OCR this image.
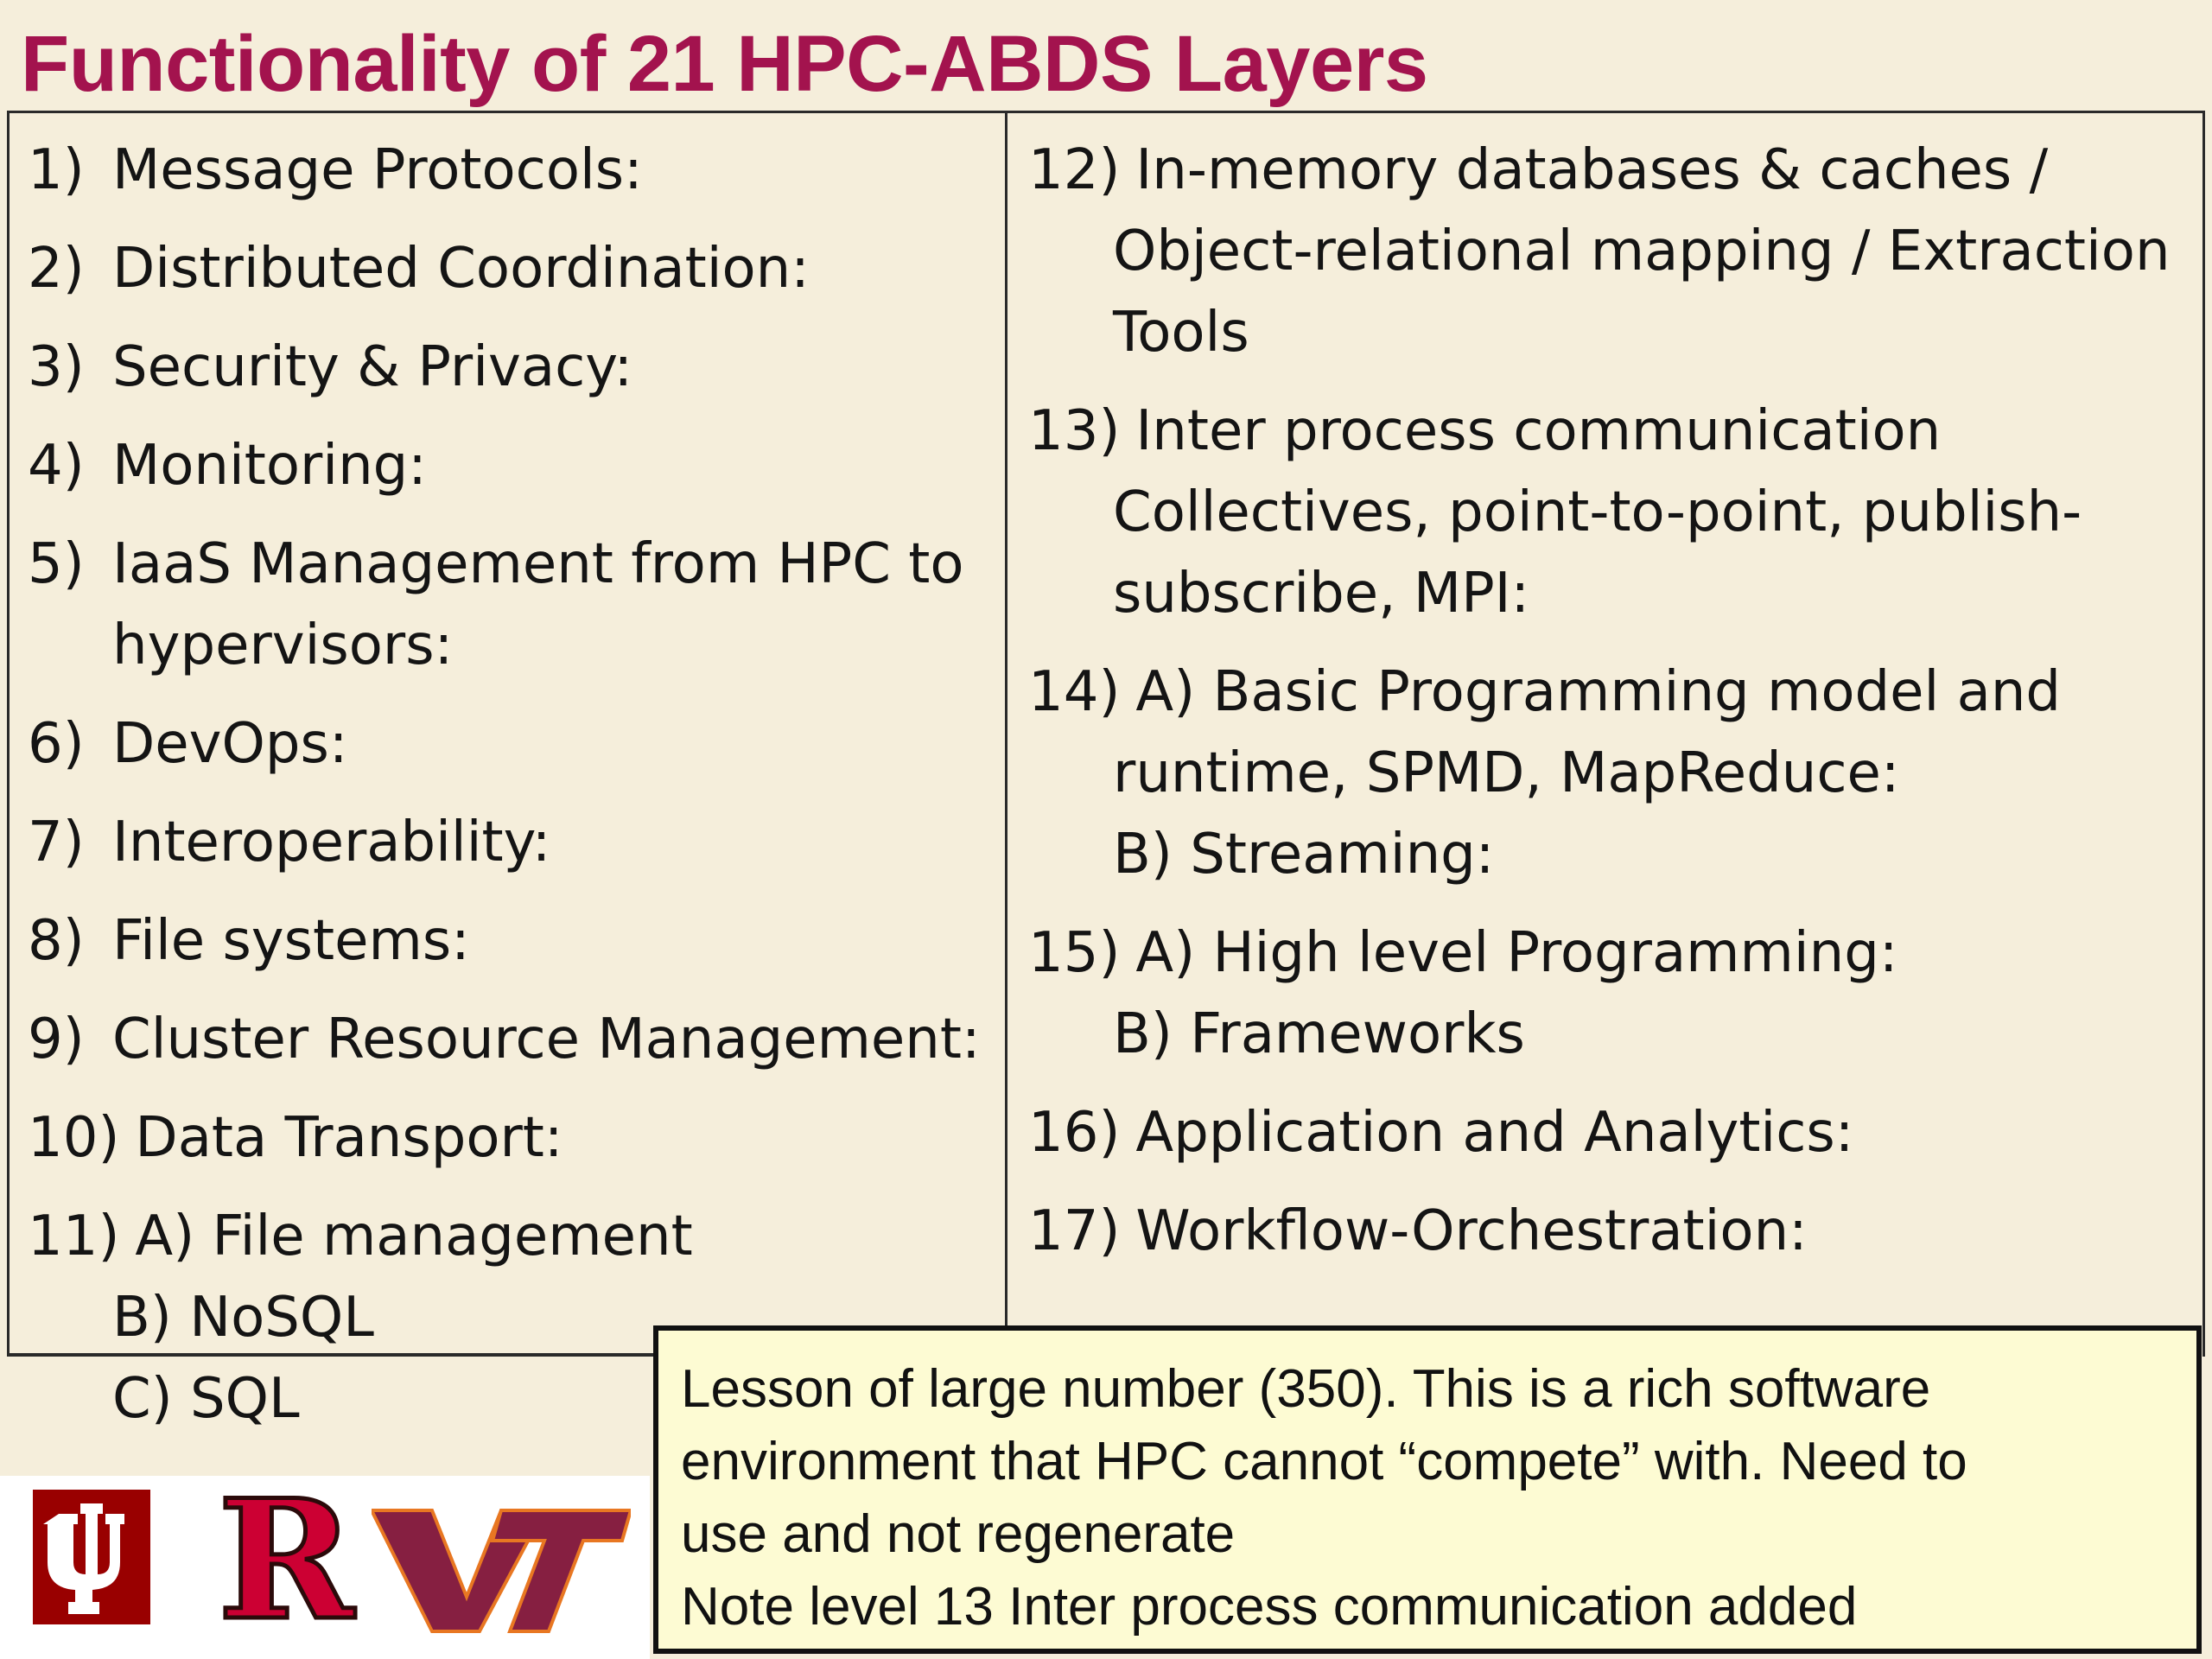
Functionality of 21 HPC-ABDS Layers
1) Message Protocols:
2) Distributed Coordination:
3) Security & Privacy:
4) Monitoring:
5) IaaS Management from HPC to
hypervisors:
6) DevOps:
7) Interoperability:
8) File systems:
9) Cluster Resource Management:
10) Data Transport:
11) A) File management
B) NoSQL
C) SQL
12) In-memory databases & caches /
Object-relational mapping / Extraction
Tools
13) Inter process communication
Collectives, point-to-point, publish-
subscribe, MPI:
14) A) Basic Programming model and
runtime, SPMD, MapReduce:
B) Streaming:
15) A) High level Programming:
B) Frameworks
16) Application and Analytics:
17) Workflow-Orchestration:
R
Lesson of large number (350). This is a rich software
environment that HPC cannot “compete” with. Need to
use and not regenerate
Note level 13 Inter process communication added
